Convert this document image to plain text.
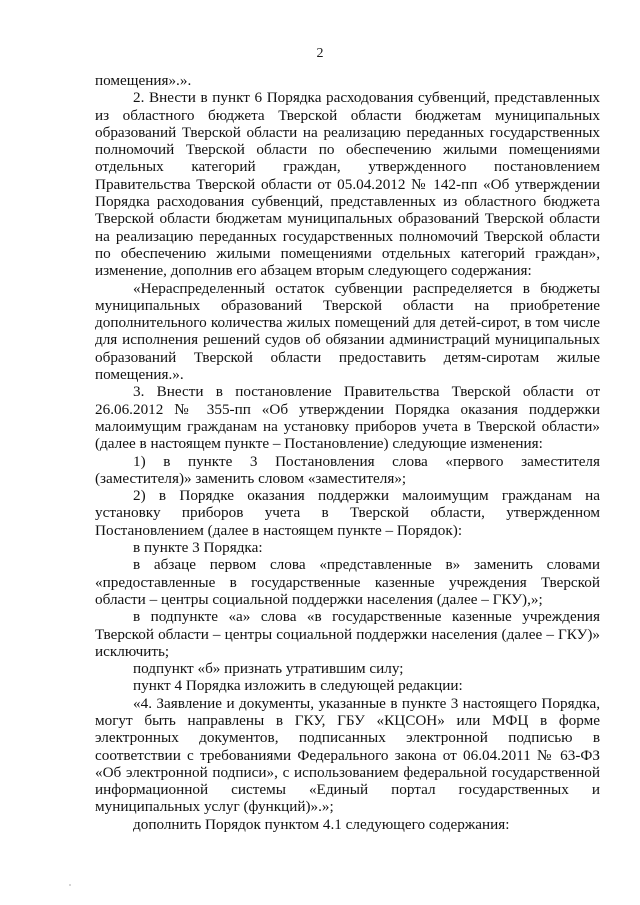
2

помещения».».

2. Внести в пункт 6 Порядка расходования субвенций, представленных из областного бюджета Тверской области бюджетам муниципальных образований Тверской области на реализацию переданных государственных полномочий Тверской области по обеспечению жилыми помещениями отдельных категорий граждан, утвержденного постановлением Правительства Тверской области от 05.04.2012 № 142-пп «Об утверждении Порядка расходования субвенций, представленных из областного бюджета Тверской области бюджетам муниципальных образований Тверской области на реализацию переданных государственных полномочий Тверской области по обеспечению жилыми помещениями отдельных категорий граждан», изменение, дополнив его абзацем вторым следующего содержания:

«Нераспределенный остаток субвенции распределяется в бюджеты муниципальных образований Тверской области на приобретение дополнительного количества жилых помещений для детей-сирот, в том числе для исполнения решений судов об обязании администраций муниципальных образований Тверской области предоставить детям-сиротам жилые помещения.».

3. Внести в постановление Правительства Тверской области от 26.06.2012 № 355-пп «Об утверждении Порядка оказания поддержки малоимущим гражданам на установку приборов учета в Тверской области» (далее в настоящем пункте – Постановление) следующие изменения:

1) в пункте 3 Постановления слова «первого заместителя (заместителя)» заменить словом «заместителя»;

2) в Порядке оказания поддержки малоимущим гражданам на установку приборов учета в Тверской области, утвержденном Постановлением (далее в настоящем пункте – Порядок):

в пункте 3 Порядка:

в абзаце первом слова «представленные в» заменить словами «предоставленные в государственные казенные учреждения Тверской области – центры социальной поддержки населения (далее – ГКУ),»;

в подпункте «а» слова «в государственные казенные учреждения Тверской области – центры социальной поддержки населения (далее – ГКУ)» исключить;

подпункт «б» признать утратившим силу;

пункт 4 Порядка изложить в следующей редакции:

«4. Заявление и документы, указанные в пункте 3 настоящего Порядка, могут быть направлены в ГКУ, ГБУ «КЦСОН» или МФЦ в форме электронных документов, подписанных электронной подписью в соответствии с требованиями Федерального закона от 06.04.2011 № 63-ФЗ «Об электронной подписи», с использованием федеральной государственной информационной системы «Единый портал государственных и муниципальных услуг (функций)».»;

дополнить Порядок пунктом 4.1 следующего содержания:
